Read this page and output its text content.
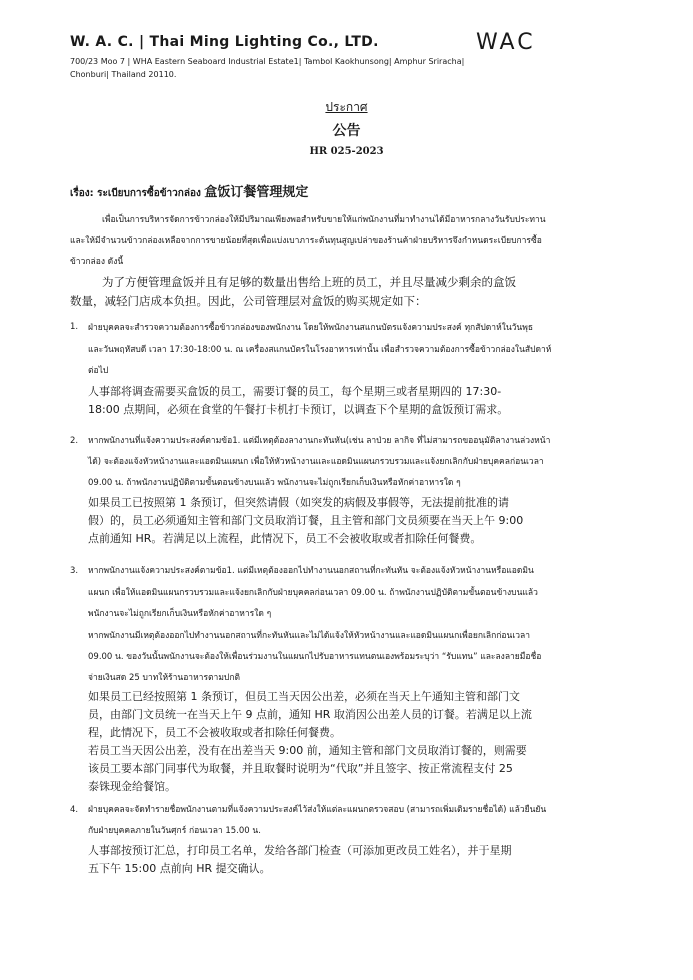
W. A. C. | Thai Ming Lighting Co., LTD.
700/23 Moo 7 | WHA Eastern Seaboard Industrial Estate1| Tambol Kaokhunsong| Amphur Sriracha|
Chonburi| Thailand 20110.
WAC
ประกาศ
公告
HR 025-2023
เรื่อง: ระเบียบการซื้อข้าวกล่อง 盒饭订餐管理规定
เพื่อเป็นการบริหารจัดการข้าวกล่องให้มีปริมาณเพียงพอสำหรับขายให้แก่พนักงานที่มาทำงานได้มีอาหารกลางวันรับประทาน
และให้มีจำนวนข้าวกล่องเหลือจากการขายน้อยที่สุดเพื่อแบ่งเบาภาระต้นทุนสูญเปล่าของร้านค้าฝ่ายบริหารจึงกำหนดระเบียบการซื้อ
ข้าวกล่อง ดังนี้
为了方便管理盒饭并且有足够的数量出售给上班的员工，并且尽量减少剩余的盒饭
数量，减轻门店成本负担。因此，公司管理层对盒饭的购买规定如下：
1. ฝ่ายบุคคลจะสำรวจความต้องการซื้อข้าวกล่องของพนักงาน โดยให้พนักงานสแกนบัตรแจ้งความประสงค์ ทุกสัปดาห์ในวันพุธ
และวันพฤหัสบดี เวลา 17:30-18:00 น. ณ เครื่องสแกนบัตรในโรงอาหารเท่านั้น เพื่อสำรวจความต้องการซื้อข้าวกล่องในสัปดาห์
ต่อไป
人事部将调查需要买盒饭的员工，需要订餐的员工，每个星期三或者星期四的 17:30-
18:00 点期间，必须在食堂的午餐打卡机打卡预订，以调查下个星期的盒饭预订需求。
2. หากพนักงานที่แจ้งความประสงค์ตามข้อ1. แต่มีเหตุต้องลางานกะทันหัน(เช่น ลาป่วย ลากิจ ที่ไม่สามารถขออนุมัติลางานล่วงหน้า
ได้) จะต้องแจ้งหัวหน้างานและแอดมินแผนก เพื่อให้หัวหน้างานและแอดมินแผนกรวบรวมและแจ้งยกเลิกกับฝ่ายบุคคลก่อนเวลา
09.00 น. ถ้าพนักงานปฏิบัติตามขั้นตอนข้างบนแล้ว พนักงานจะไม่ถูกเรียกเก็บเงินหรือหักค่าอาหารใด ๆ
如果员工已按照第 1 条预订，但突然请假（如突发的病假及事假等，无法提前批准的请
假）的，员工必须通知主管和部门文员取消订餐，且主管和部门文员须要在当天上午 9:00
点前通知 HR。若满足以上流程，此情况下，员工不会被收取或者扣除任何餐费。
3. หากพนักงานแจ้งความประสงค์ตามข้อ1. แต่มีเหตุต้องออกไปทำงานนอกสถานที่กะทันหัน จะต้องแจ้งหัวหน้างานหรือแอดมิน
แผนก เพื่อให้แอดมินแผนกรวบรวมและแจ้งยกเลิกกับฝ่ายบุคคลก่อนเวลา 09.00 น. ถ้าพนักงานปฏิบัติตามขั้นตอนข้างบนแล้ว
พนักงานจะไม่ถูกเรียกเก็บเงินหรือหักค่าอาหารใด ๆ
หากพนักงานมีเหตุต้องออกไปทำงานนอกสถานที่กะทันหันและไม่ได้แจ้งให้หัวหน้างานและแอดมินแผนกเพื่อยกเลิกก่อนเวลา
09.00 น. ของวันนั้นพนักงานจะต้องให้เพื่อนร่วมงานในแผนกไปรับอาหารแทนตนเองพร้อมระบุว่า “รับแทน” และลงลายมือชื่อ
จ่ายเงินสด 25 บาทให้ร้านอาหารตามปกติ
如果员工已经按照第 1 条预订，但员工当天因公出差，必须在当天上午通知主管和部门文
员，由部门文员统一在当天上午 9 点前，通知 HR 取消因公出差人员的订餐。若满足以上流
程，此情况下，员工不会被收取或者扣除任何餐费。
若员工当天因公出差，没有在出差当天 9:00 前，通知主管和部门文员取消订餐的，则需要
该员工要本部门同事代为取餐，并且取餐时说明为“代取”并且签字、按正常流程支付 25
泰铢现金给餐馆。
4. ฝ่ายบุคคลจะจัดทำรายชื่อพนักงานตามที่แจ้งความประสงค์ไว้ส่งให้แต่ละแผนกตรวจสอบ (สามารถเพิ่มเติมรายชื่อได้) แล้วยืนยัน
กับฝ่ายบุคคลภายในวันศุกร์ ก่อนเวลา 15.00 น.
人事部按预订汇总，打印员工名单，发给各部门检查（可添加更改员工姓名），并于星期
五下午 15:00 点前向 HR 提交确认。
